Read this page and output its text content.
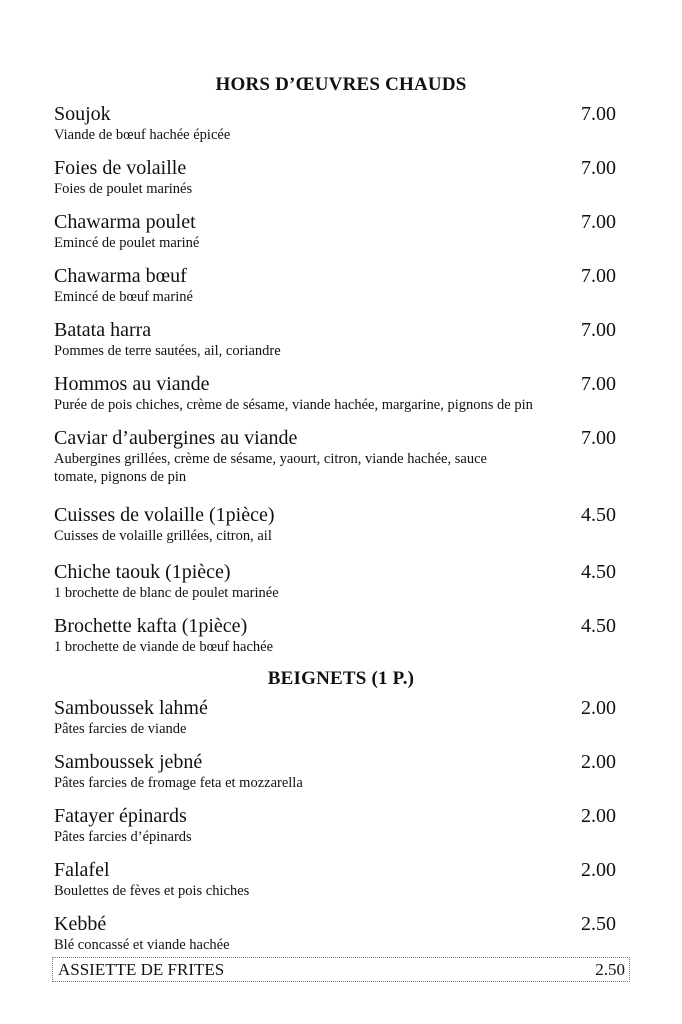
HORS D’ŒUVRES CHAUDS
Soujok	7.00
Viande de bœuf hachée épicée
Foies de volaille	7.00
Foies de poulet marinés
Chawarma poulet	7.00
Emincé de poulet mariné
Chawarma bœuf	7.00
Emincé de bœuf mariné
Batata harra	7.00
Pommes de terre sautées, ail, coriandre
Hommos au viande	7.00
Purée de pois chiches, crème de sésame, viande hachée, margarine, pignons de pin
Caviar d’aubergines au viande	7.00
Aubergines grillées, crème de sésame, yaourt, citron, viande hachée, sauce tomate, pignons de pin
Cuisses de volaille (1pièce)	4.50
Cuisses de volaille grillées, citron, ail
Chiche taouk (1pièce)	4.50
1 brochette de blanc de poulet marinée
Brochette kafta (1pièce)	4.50
1 brochette de viande de bœuf hachée
BEIGNETS (1 P.)
Samboussek lahmé	2.00
Pâtes farcies de viande
Samboussek jebné	2.00
Pâtes farcies de fromage feta et mozzarella
Fatayer épinards	2.00
Pâtes farcies d’épinards
Falafel	2.00
Boulettes de fèves et pois chiches
Kebbé	2.50
Blé concassé et viande hachée
ASSIETTE DE FRITES	2.50
